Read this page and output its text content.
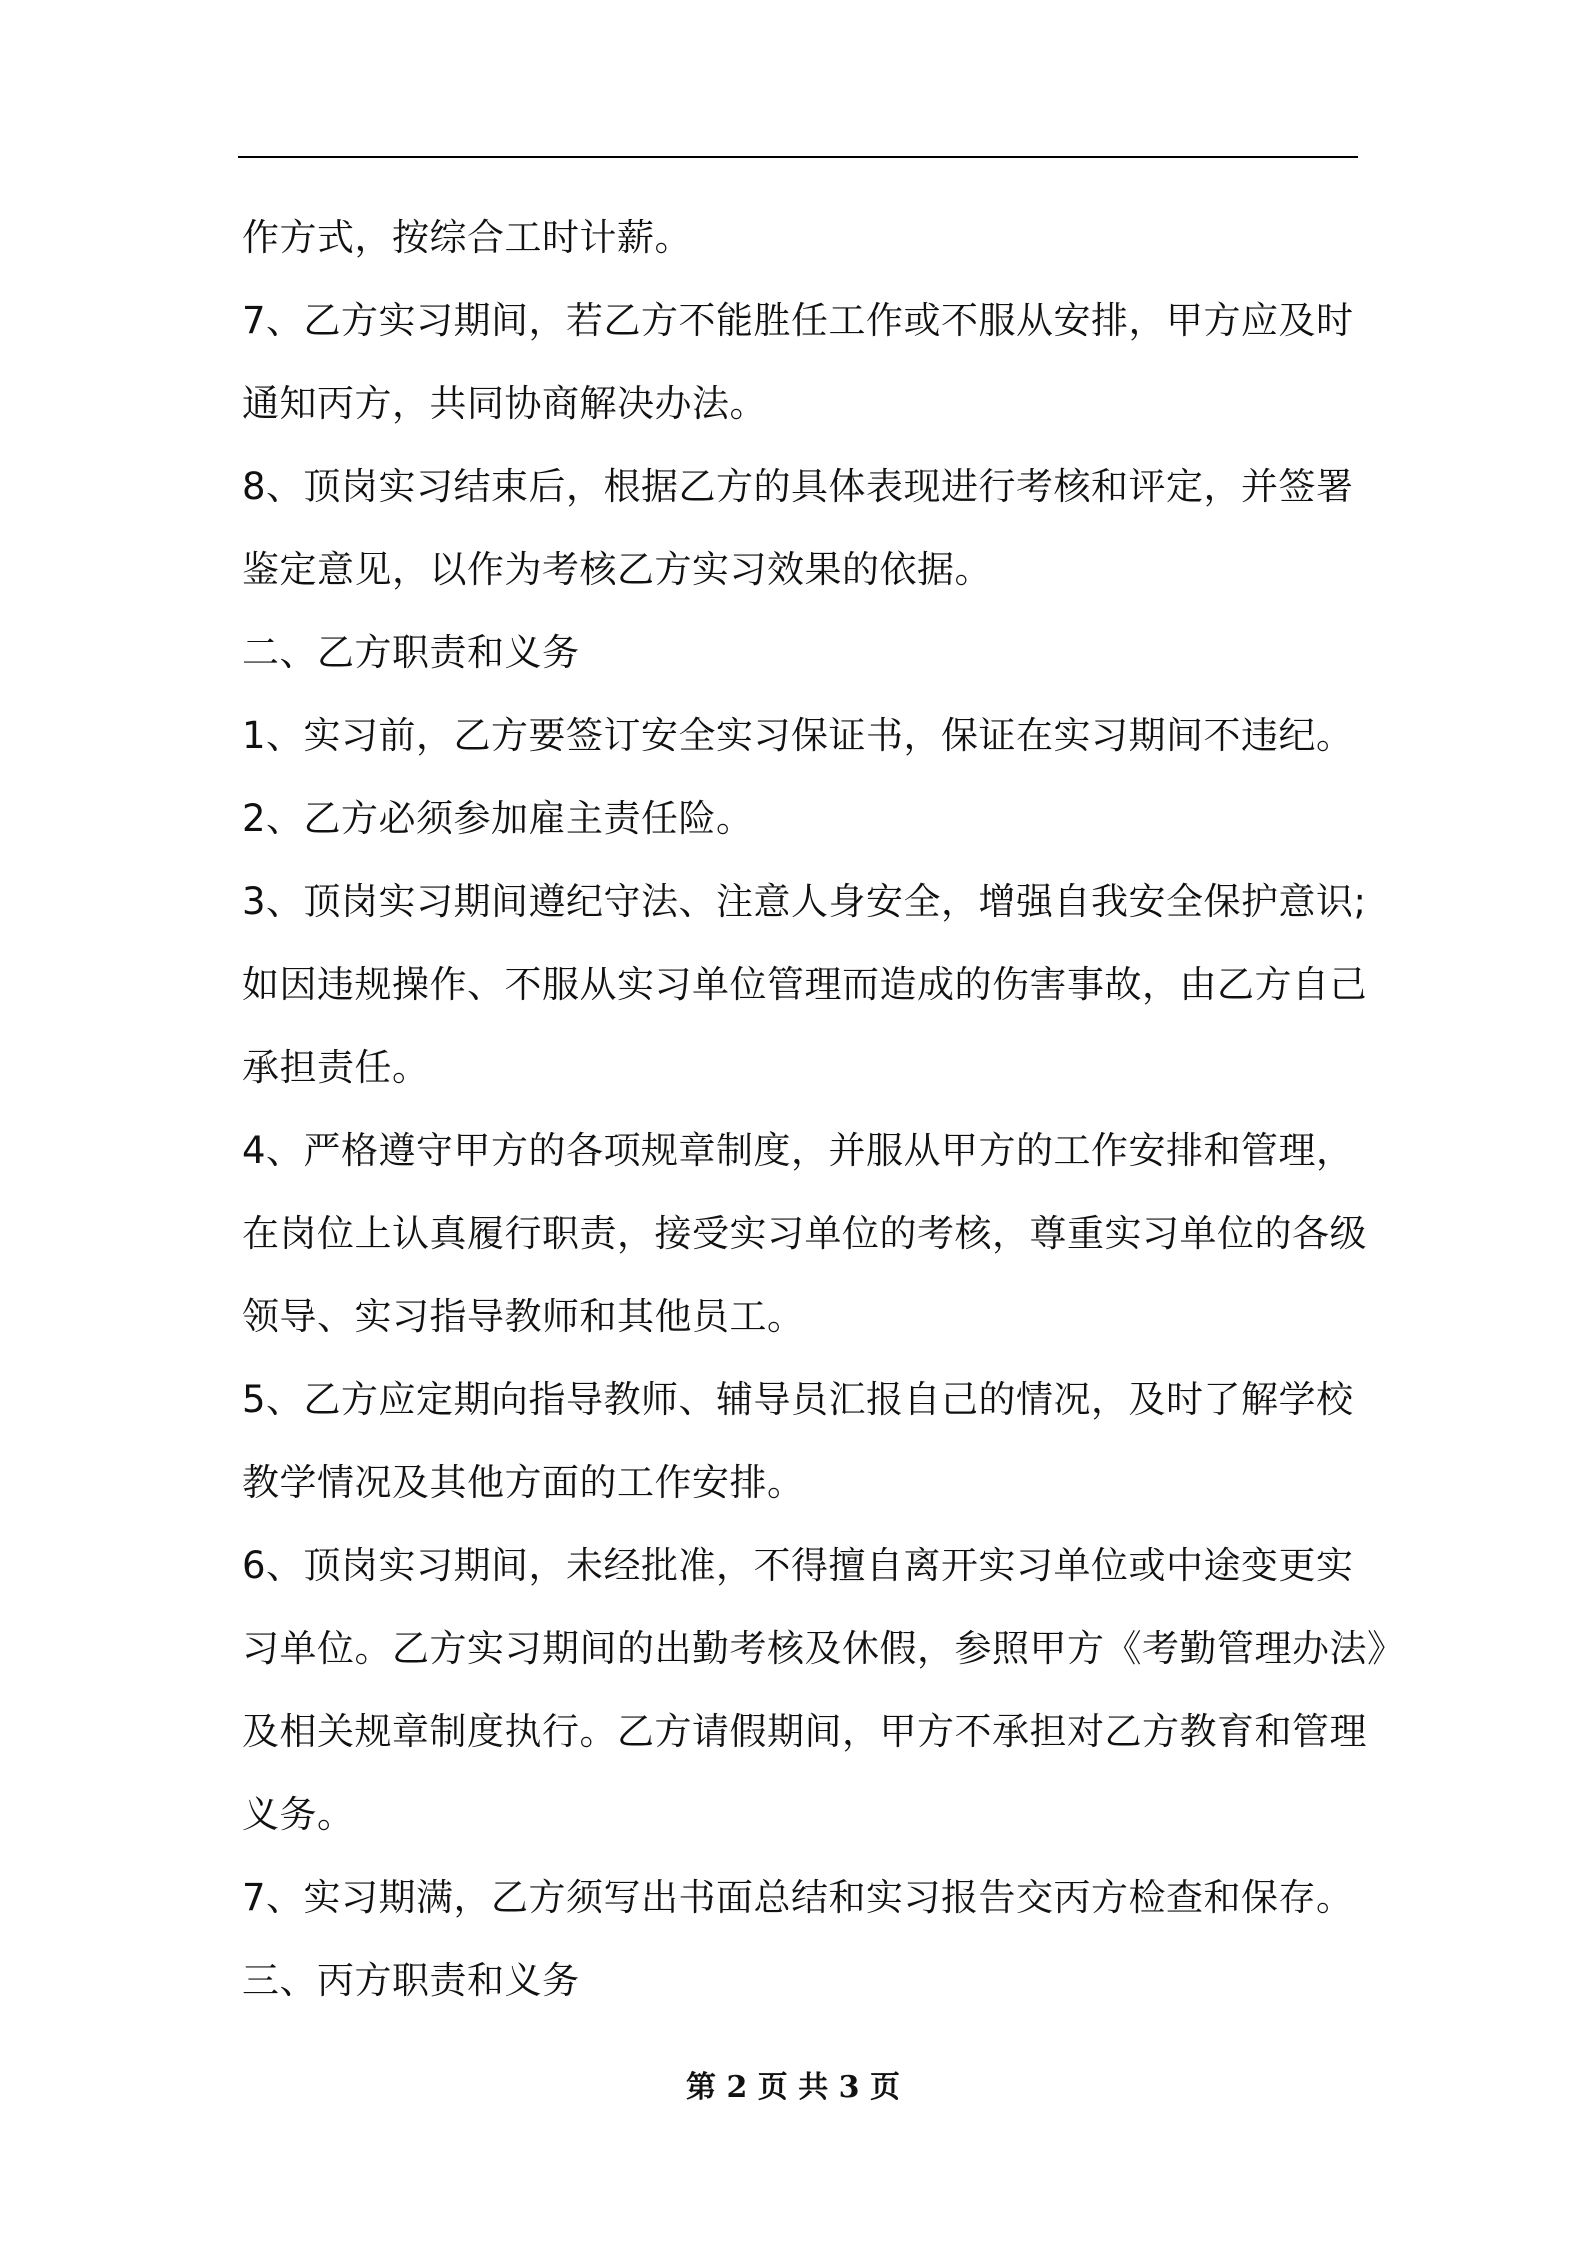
作方式，按综合工时计薪。
7、乙方实习期间，若乙方不能胜任工作或不服从安排，甲方应及时
通知丙方，共同协商解决办法。
8、顶岗实习结束后，根据乙方的具体表现进行考核和评定，并签署
鉴定意见，以作为考核乙方实习效果的依据。
二、乙方职责和义务
1、实习前，乙方要签订安全实习保证书，保证在实习期间不违纪。
2、乙方必须参加雇主责任险。
3、顶岗实习期间遵纪守法、注意人身安全，增强自我安全保护意识;
如因违规操作、不服从实习单位管理而造成的伤害事故，由乙方自己
承担责任。
4、严格遵守甲方的各项规章制度，并服从甲方的工作安排和管理，
在岗位上认真履行职责，接受实习单位的考核，尊重实习单位的各级
领导、实习指导教师和其他员工。
5、乙方应定期向指导教师、辅导员汇报自己的情况，及时了解学校
教学情况及其他方面的工作安排。
6、顶岗实习期间，未经批准，不得擅自离开实习单位或中途变更实
习单位。乙方实习期间的出勤考核及休假，参照甲方《考勤管理办法》
及相关规章制度执行。乙方请假期间，甲方不承担对乙方教育和管理
义务。
7、实习期满，乙方须写出书面总结和实习报告交丙方检查和保存。
三、丙方职责和义务
第 2 页 共 3 页
